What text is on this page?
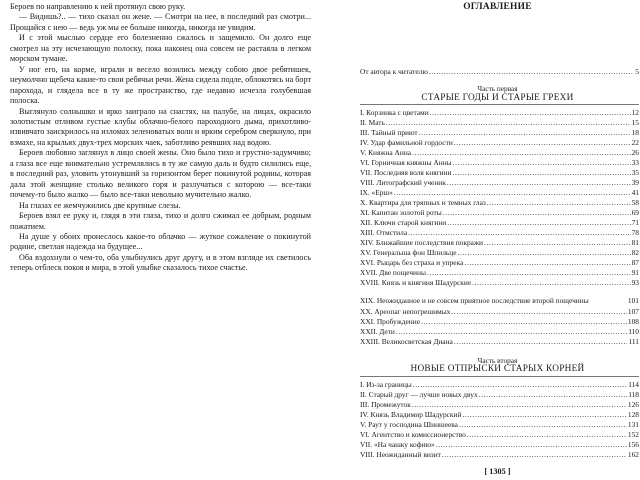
Бероев по направлению к ней протянул свою руку.

— Видишь?.. — тихо сказал он жене. — Смотри на нее, в последний раз смотри... Прощайся с нею — ведь уж мы ее больше никогда, никогда не увидим.

И с этой мыслью сердце его болезненно сжалось и защемило. Он долго еще смотрел на эту исчезающую полоску, пока наконец она совсем не растаяла в легком морском тумане.

У ног его, на корме, играли и весело возились между собою двое ребятишек, неумолчно щебеча какие-то свои ребячьи речи. Жена сидела подле, облокотясь на борт парохода, и глядела все в ту же пространство, где недавно исчезла голубевшая полоска.

Выглянуло солнышко и ярко заиграло на снастях, на палубе, на лицах, окрасило золотистым отливом густые клубы облачно-белого пароходного дыма, прихотливо-извивчато заискрилось на изломах зеленоватых волн и ярким серебром сверкнуло, при взмахе, на крыльях двух-трех морских чаек, заботливо реявших над водою.

Бероев любовно заглянул в лицо своей жены. Оно было тихо и грустно-задумчиво; а глаза все еще внимательно устремлялись в ту же самую даль и будто силились еще, в последний раз, уловить утонувший за горизонтом берег покинутой родины, которая дала этой женщине столько великого горя и разлучаться с которою — все-таки почему-то было жалко — было все-таки невольно мучительно жалко.

На глазах ее жемчужились две крупные слезы.

Бероев взял ее руку и, глядя в эти глаза, тихо и долго сжимал ее добрым, родным пожатием.

На душе у обоих пронеслось какое-то облачко — жуткое сожаление о покинутой родине, светлая надежда на будущее...

Оба вздохнули о чем-то, оба улыбнулись друг другу, и в этом взгляде их светилось теперь отблеск покоя и мира, в этой улыбке сказалось тихое счастье.

ОГЛАВЛЕНИЕ
От автора к читателю . . .	5
Часть первая
СТАРЫЕ ГОДЫ И СТАРЫЕ ГРЕХИ
I. Корзинка с цветами . . .	12
II. Мать . . .	15
III. Тайный приют . . .	18
IV. Удар фамильной гордости . . .	22
V. Княжна Анна . . .	26
VI. Горничная княжны Анны . . .	33
VII. Последняя воля княгини . . .	35
VIII. Литографский ученик . . .	39
IX. «Ерш» . . .	41
X. Квартира для тряпных и темных глаз . . .	58
XI. Капитан золотой роты . . .	69
XII. Ключи старой княгини . . .	71
XIII. Отмстила . . .	78
XIV. Ближайшие последствия покражи . . .	81
XV. Генеральша фон Шпильце . . .	82
XVI. Рыцарь без страха и упрека . . .	87
XVII. Две пощечины . . .	91
XVIII. Князь и княгиня Шадурские . . .	93
XIX. Неожиданное и не совсем приятное последствие второй пощечины	101
XX. Ареопаг непогрешимых . . .	107
XXI. Пробуждение . . .	108
XXII. Дети . . .	110
XXIII. Великосветская Диана . . .	111
Часть вторая
НОВЫЕ ОТПРЫСКИ СТАРЫХ КОРНЕЙ
I. Из-за границы . . .	114
II. Старый друг — лучше новых двух . . .	118
III. Промежуток . . .	126
IV. Князь Владимир Шадурский . . .	128
V. Раут у господина Шиншеева . . .	131
VI. Агентство и комиссионерство . . .	152
VII. «На чашку кофию» . . .	156
VIII. Неожиданный визит . . .	162
[ 1305 ]
